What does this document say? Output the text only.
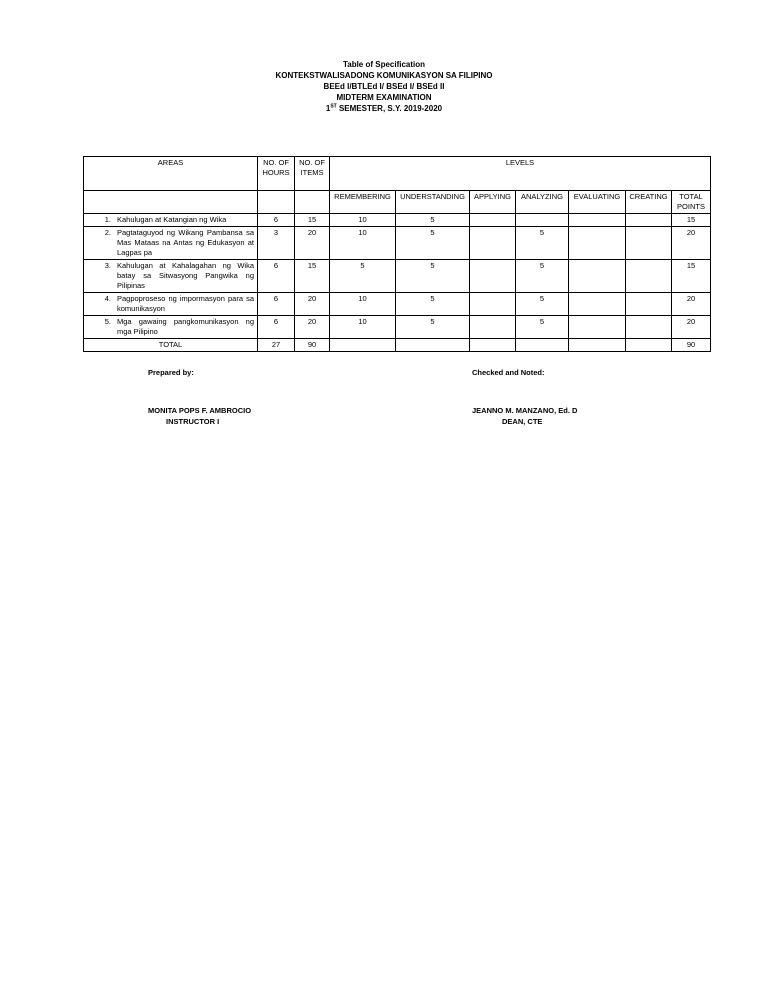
Table of Specification
KONTEKSTWALISADONG KOMUNIKASYON SA FILIPINO
BEEd I/BTLEd I/ BSEd I/ BSEd II
MIDTERM EXAMINATION
1ST SEMESTER, S.Y. 2019-2020
AREAS	NO. OF HOURS	NO. OF ITEMS	LEVELS						
			REMEMBERING	UNDERSTANDING	APPLYING	ANALYZING	EVALUATING	CREATING	TOTAL POINTS

1. Kahulugan at Katangian ng Wika	6	15	10	5					15

2. Pagtataguyod ng Wikang Pambansa sa Mas Mataas na Antas ng Edukasyon at Lagpas pa	3	20	10	5		5			20

3. Kahulugan at Kahalagahan ng Wika batay sa Sitwasyong Pangwika ng Pilipinas	6	15	5	5		5			15

4. Pagpoproseso ng impormasyon para sa komunikasyon	6	20	10	5		5			20

5. Mga gawaing pangkomunikasyon ng mga Pilipino	6	20	10	5		5			20
TOTAL	27	90							90
Prepared by:	Checked and Noted:
MONITA POPS F. AMBROCIO
INSTRUCTOR I
JEANNO M. MANZANO, Ed. D
DEAN, CTE
